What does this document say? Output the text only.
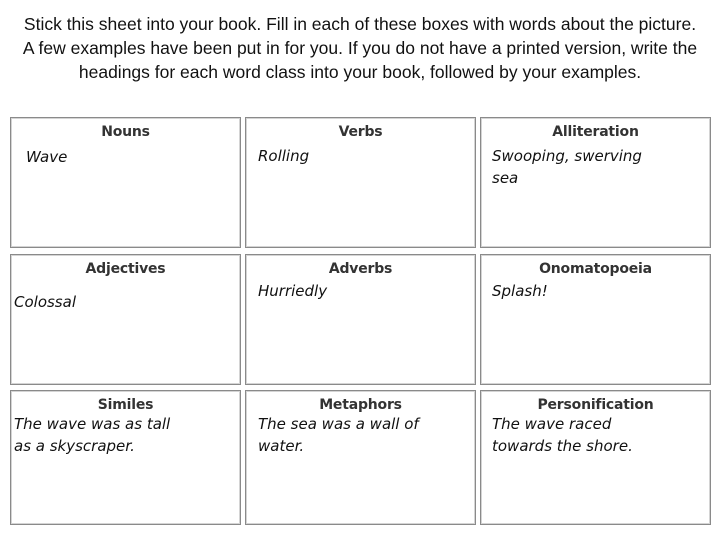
Stick this sheet into your book. Fill in each of these boxes with words about the picture. A few examples have been put in for you. If you do not have a printed version, write the headings for each word class into your book, followed by your examples.
Nouns
Wave
Verbs
Rolling
Alliteration
Swooping, swerving sea
Adjectives
Colossal
Adverbs
Hurriedly
Onomatopoeia
Splash!
Similes
The wave was as tall as a skyscraper.
Metaphors
The sea was a wall of water.
Personification
The wave raced towards the shore.
